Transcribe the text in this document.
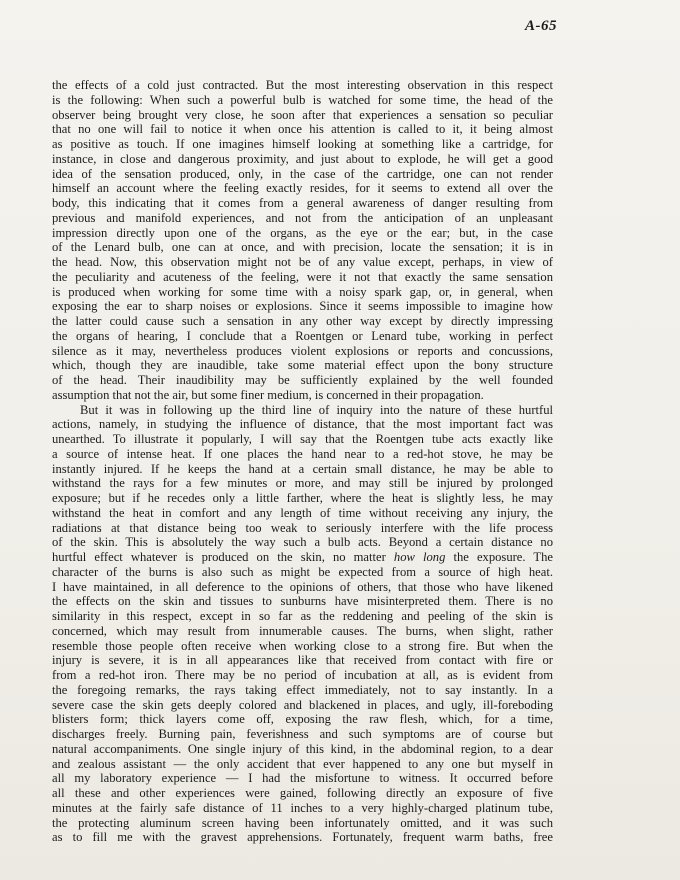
A-65
the effects of a cold just contracted. But the most interesting observation in this respect
is the following: When such a powerful bulb is watched for some time, the head of the
observer being brought very close, he soon after that experiences a sensation so peculiar
that no one will fail to notice it when once his attention is called to it, it being almost
as positive as touch. If one imagines himself looking at something like a cartridge, for
instance, in close and dangerous proximity, and just about to explode, he will get a good
idea of the sensation produced, only, in the case of the cartridge, one can not render
himself an account where the feeling exactly resides, for it seems to extend all over the
body, this indicating that it comes from a general awareness of danger resulting from
previous and manifold experiences, and not from the anticipation of an unpleasant
impression directly upon one of the organs, as the eye or the ear; but, in the case
of the Lenard bulb, one can at once, and with precision, locate the sensation; it is in
the head. Now, this observation might not be of any value except, perhaps, in view of
the peculiarity and acuteness of the feeling, were it not that exactly the same sensation
is produced when working for some time with a noisy spark gap, or, in general, when
exposing the ear to sharp noises or explosions. Since it seems impossible to imagine how
the latter could cause such a sensation in any other way except by directly impressing
the organs of hearing, I conclude that a Roentgen or Lenard tube, working in perfect
silence as it may, nevertheless produces violent explosions or reports and concussions,
which, though they are inaudible, take some material effect upon the bony structure
of the head. Their inaudibility may be sufficiently explained by the well founded
assumption that not the air, but some finer medium, is concerned in their propagation.
But it was in following up the third line of inquiry into the nature of these hurtful
actions, namely, in studying the influence of distance, that the most important fact was
unearthed. To illustrate it popularly, I will say that the Roentgen tube acts exactly like
a source of intense heat. If one places the hand near to a red-hot stove, he may be
instantly injured. If he keeps the hand at a certain small distance, he may be able to
withstand the rays for a few minutes or more, and may still be injured by prolonged
exposure; but if he recedes only a little farther, where the heat is slightly less, he may
withstand the heat in comfort and any length of time without receiving any injury, the
radiations at that distance being too weak to seriously interfere with the life process
of the skin. This is absolutely the way such a bulb acts. Beyond a certain distance no
hurtful effect whatever is produced on the skin, no matter how long the exposure. The
character of the burns is also such as might be expected from a source of high heat.
I have maintained, in all deference to the opinions of others, that those who have likened
the effects on the skin and tissues to sunburns have misinterpreted them. There is no
similarity in this respect, except in so far as the reddening and peeling of the skin is
concerned, which may result from innumerable causes. The burns, when slight, rather
resemble those people often receive when working close to a strong fire. But when the
injury is severe, it is in all appearances like that received from contact with fire or
from a red-hot iron. There may be no period of incubation at all, as is evident from
the foregoing remarks, the rays taking effect immediately, not to say instantly. In a
severe case the skin gets deeply colored and blackened in places, and ugly, ill-foreboding
blisters form; thick layers come off, exposing the raw flesh, which, for a time,
discharges freely. Burning pain, feverishness and such symptoms are of course but
natural accompaniments. One single injury of this kind, in the abdominal region, to a dear
and zealous assistant — the only accident that ever happened to any one but myself in
all my laboratory experience — I had the misfortune to witness. It occurred before
all these and other experiences were gained, following directly an exposure of five
minutes at the fairly safe distance of 11 inches to a very highly-charged platinum tube,
the protecting aluminum screen having been infortunately omitted, and it was such
as to fill me with the gravest apprehensions. Fortunately, frequent warm baths, free
